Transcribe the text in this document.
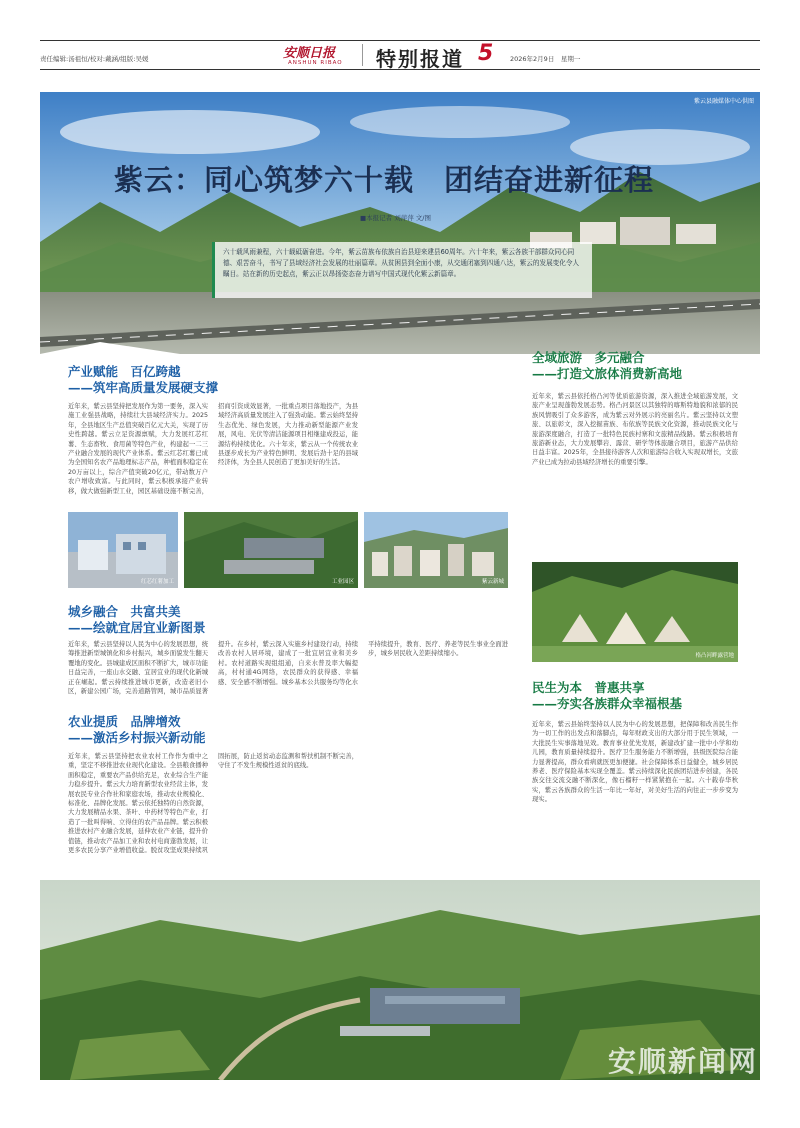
责任编辑:汤祖恒/校对:戴涵/组版:吴媛	安顺日报
ANSHUN RIBAO 特别报道 5	2026年2月9日　星期一
紫云县融媒体中心供图
紫云：同心筑梦六十载　团结奋进新征程
■本报记者 刘萍萍 文/图
六十载风雨兼程，六十载砥砺奋进。今年，紫云苗族布依族自治县迎来建县60周年。六十年来，紫云各族干部群众同心同德、艰苦奋斗，书写了县域经济社会发展的壮丽篇章。从贫困县到全面小康，从交通闭塞到四通八达，紫云的发展变化令人瞩目。站在新的历史起点，紫云正以昂扬姿态奋力谱写中国式现代化紫云新篇章。
产业赋能　百亿跨越
——筑牢高质量发展硬支撑
近年来，紫云县坚持把发展作为第一要务，深入实施工业强县战略，持续壮大县域经济实力。2025年，全县地区生产总值突破百亿元大关，实现了历史性跨越。紫云立足资源禀赋，大力发展红芯红薯、生态畜牧、食用菌等特色产业，构建起一二三产业融合发展的现代产业体系。紫云红芯红薯已成为全国知名农产品地理标志产品，种植面积稳定在20万亩以上，综合产值突破20亿元，带动数万户农户增收致富。与此同时，紫云积极承接产业转移，做大做强新型工业，园区基础设施不断完善，招商引资成效显著，一批重点项目落地投产，为县域经济高质量发展注入了强劲动能。紫云始终坚持生态优先、绿色发展，大力推动新型能源产业发展，风电、光伏等清洁能源项目相继建成投运，能源结构持续优化。六十年来，紫云从一个传统农业县逐步成长为产业特色鲜明、发展后劲十足的县域经济体，为全县人民创造了更加美好的生活。
红芯红薯加工	工业园区	紫云新城
城乡融合　共富共美
——绘就宜居宜业新图景
近年来，紫云县坚持以人民为中心的发展思想，统筹推进新型城镇化和乡村振兴，城乡面貌发生翻天覆地的变化。县城建成区面积不断扩大，城市功能日益完善，一座山水交融、宜居宜业的现代化新城正在崛起。紫云持续推进城市更新，改造老旧小区，新建公园广场，完善道路管网，城市品质显著提升。在乡村，紫云深入实施乡村建设行动，持续改善农村人居环境，建成了一批宜居宜业和美乡村。农村道路实现组组通，自来水普及率大幅提高，村村通4G网络，农民群众的获得感、幸福感、安全感不断增强。城乡基本公共服务均等化水平持续提升，教育、医疗、养老等民生事业全面进步，城乡居民收入差距持续缩小。
农业提质　品牌增效
——激活乡村振兴新动能
近年来，紫云县坚持把农业农村工作作为重中之重，坚定不移推进农业现代化建设。全县粮食播种面积稳定，重要农产品供给充足，农业综合生产能力稳步提升。紫云大力培育新型农业经营主体，发展农民专业合作社和家庭农场，推动农业规模化、标准化、品牌化发展。紫云依托独特的自然资源，大力发展精品水果、茶叶、中药材等特色产业，打造了一批叫得响、立得住的农产品品牌。紫云积极推进农村产业融合发展，延伸农业产业链，提升价值链，推动农产品加工业和农村电商蓬勃发展，让更多农民分享产业增值收益。脱贫攻坚成果持续巩固拓展，防止返贫动态监测和帮扶机制不断完善，守住了不发生规模性返贫的底线。
全域旅游　多元融合
——打造文旅体消费新高地
近年来，紫云县依托格凸河等优质旅游资源，深入推进全域旅游发展，文旅产业呈现蓬勃发展态势。格凸河景区以其独特的喀斯特地貌和浓郁的民族风情吸引了众多游客，成为紫云对外展示的亮丽名片。紫云坚持以文塑旅、以旅彰文，深入挖掘苗族、布依族等民族文化资源，推动民族文化与旅游深度融合，打造了一批特色民族村寨和文旅精品线路。紫云积极培育旅游新业态，大力发展攀岩、露营、研学等体旅融合项目，旅游产品供给日益丰富。2025年，全县接待游客人次和旅游综合收入实现双增长，文旅产业已成为拉动县域经济增长的重要引擎。
格凸河畔露营地
民生为本　普惠共享
——夯实各族群众幸福根基
近年来，紫云县始终坚持以人民为中心的发展思想，把保障和改善民生作为一切工作的出发点和落脚点，每年财政支出的大部分用于民生领域，一大批民生实事落地见效。教育事业优先发展，新建改扩建一批中小学和幼儿园，教育质量持续提升。医疗卫生服务能力不断增强，县级医院综合能力显著提高，群众看病就医更加便捷。社会保障体系日益健全，城乡居民养老、医疗保险基本实现全覆盖。紫云持续深化民族团结进步创建，各民族交往交流交融不断深化，像石榴籽一样紧紧抱在一起。六十载春华秋实，紫云各族群众的生活一年比一年好，对美好生活的向往正一步步变为现实。
安顺新闻网
